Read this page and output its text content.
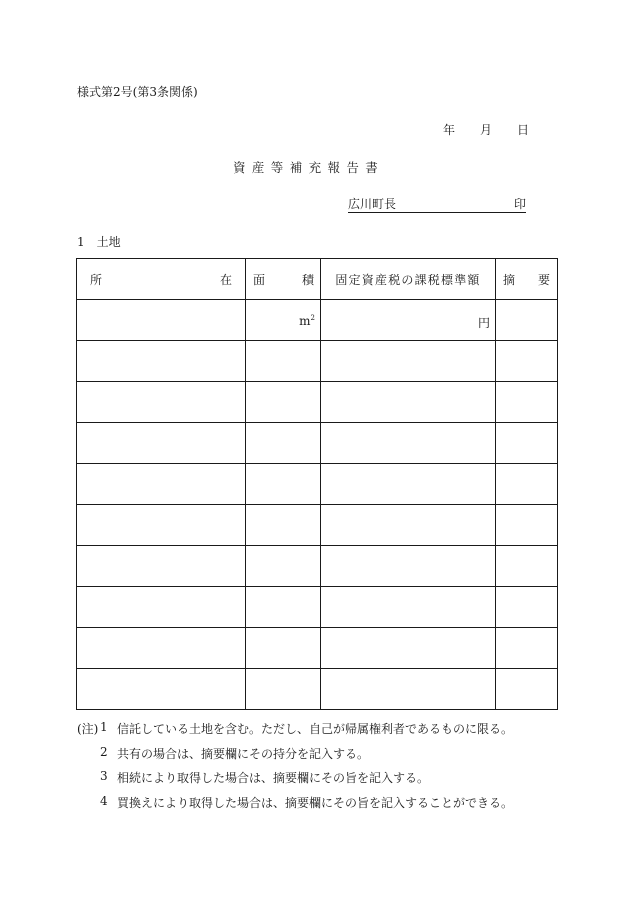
様式第2号(第3条関係)
年 月 日
資産等補充報告書
広川町長	印
1　土地
所 在	面 積	固定資産税の課税標準額	摘 要

	$m^2$	円	

(注) 1 信託している土地を含む。ただし、自己が帰属権利者であるものに限る。
2 共有の場合は、摘要欄にその持分を記入する。
3 相続により取得した場合は、摘要欄にその旨を記入する。
4 買換えにより取得した場合は、摘要欄にその旨を記入することができる。
